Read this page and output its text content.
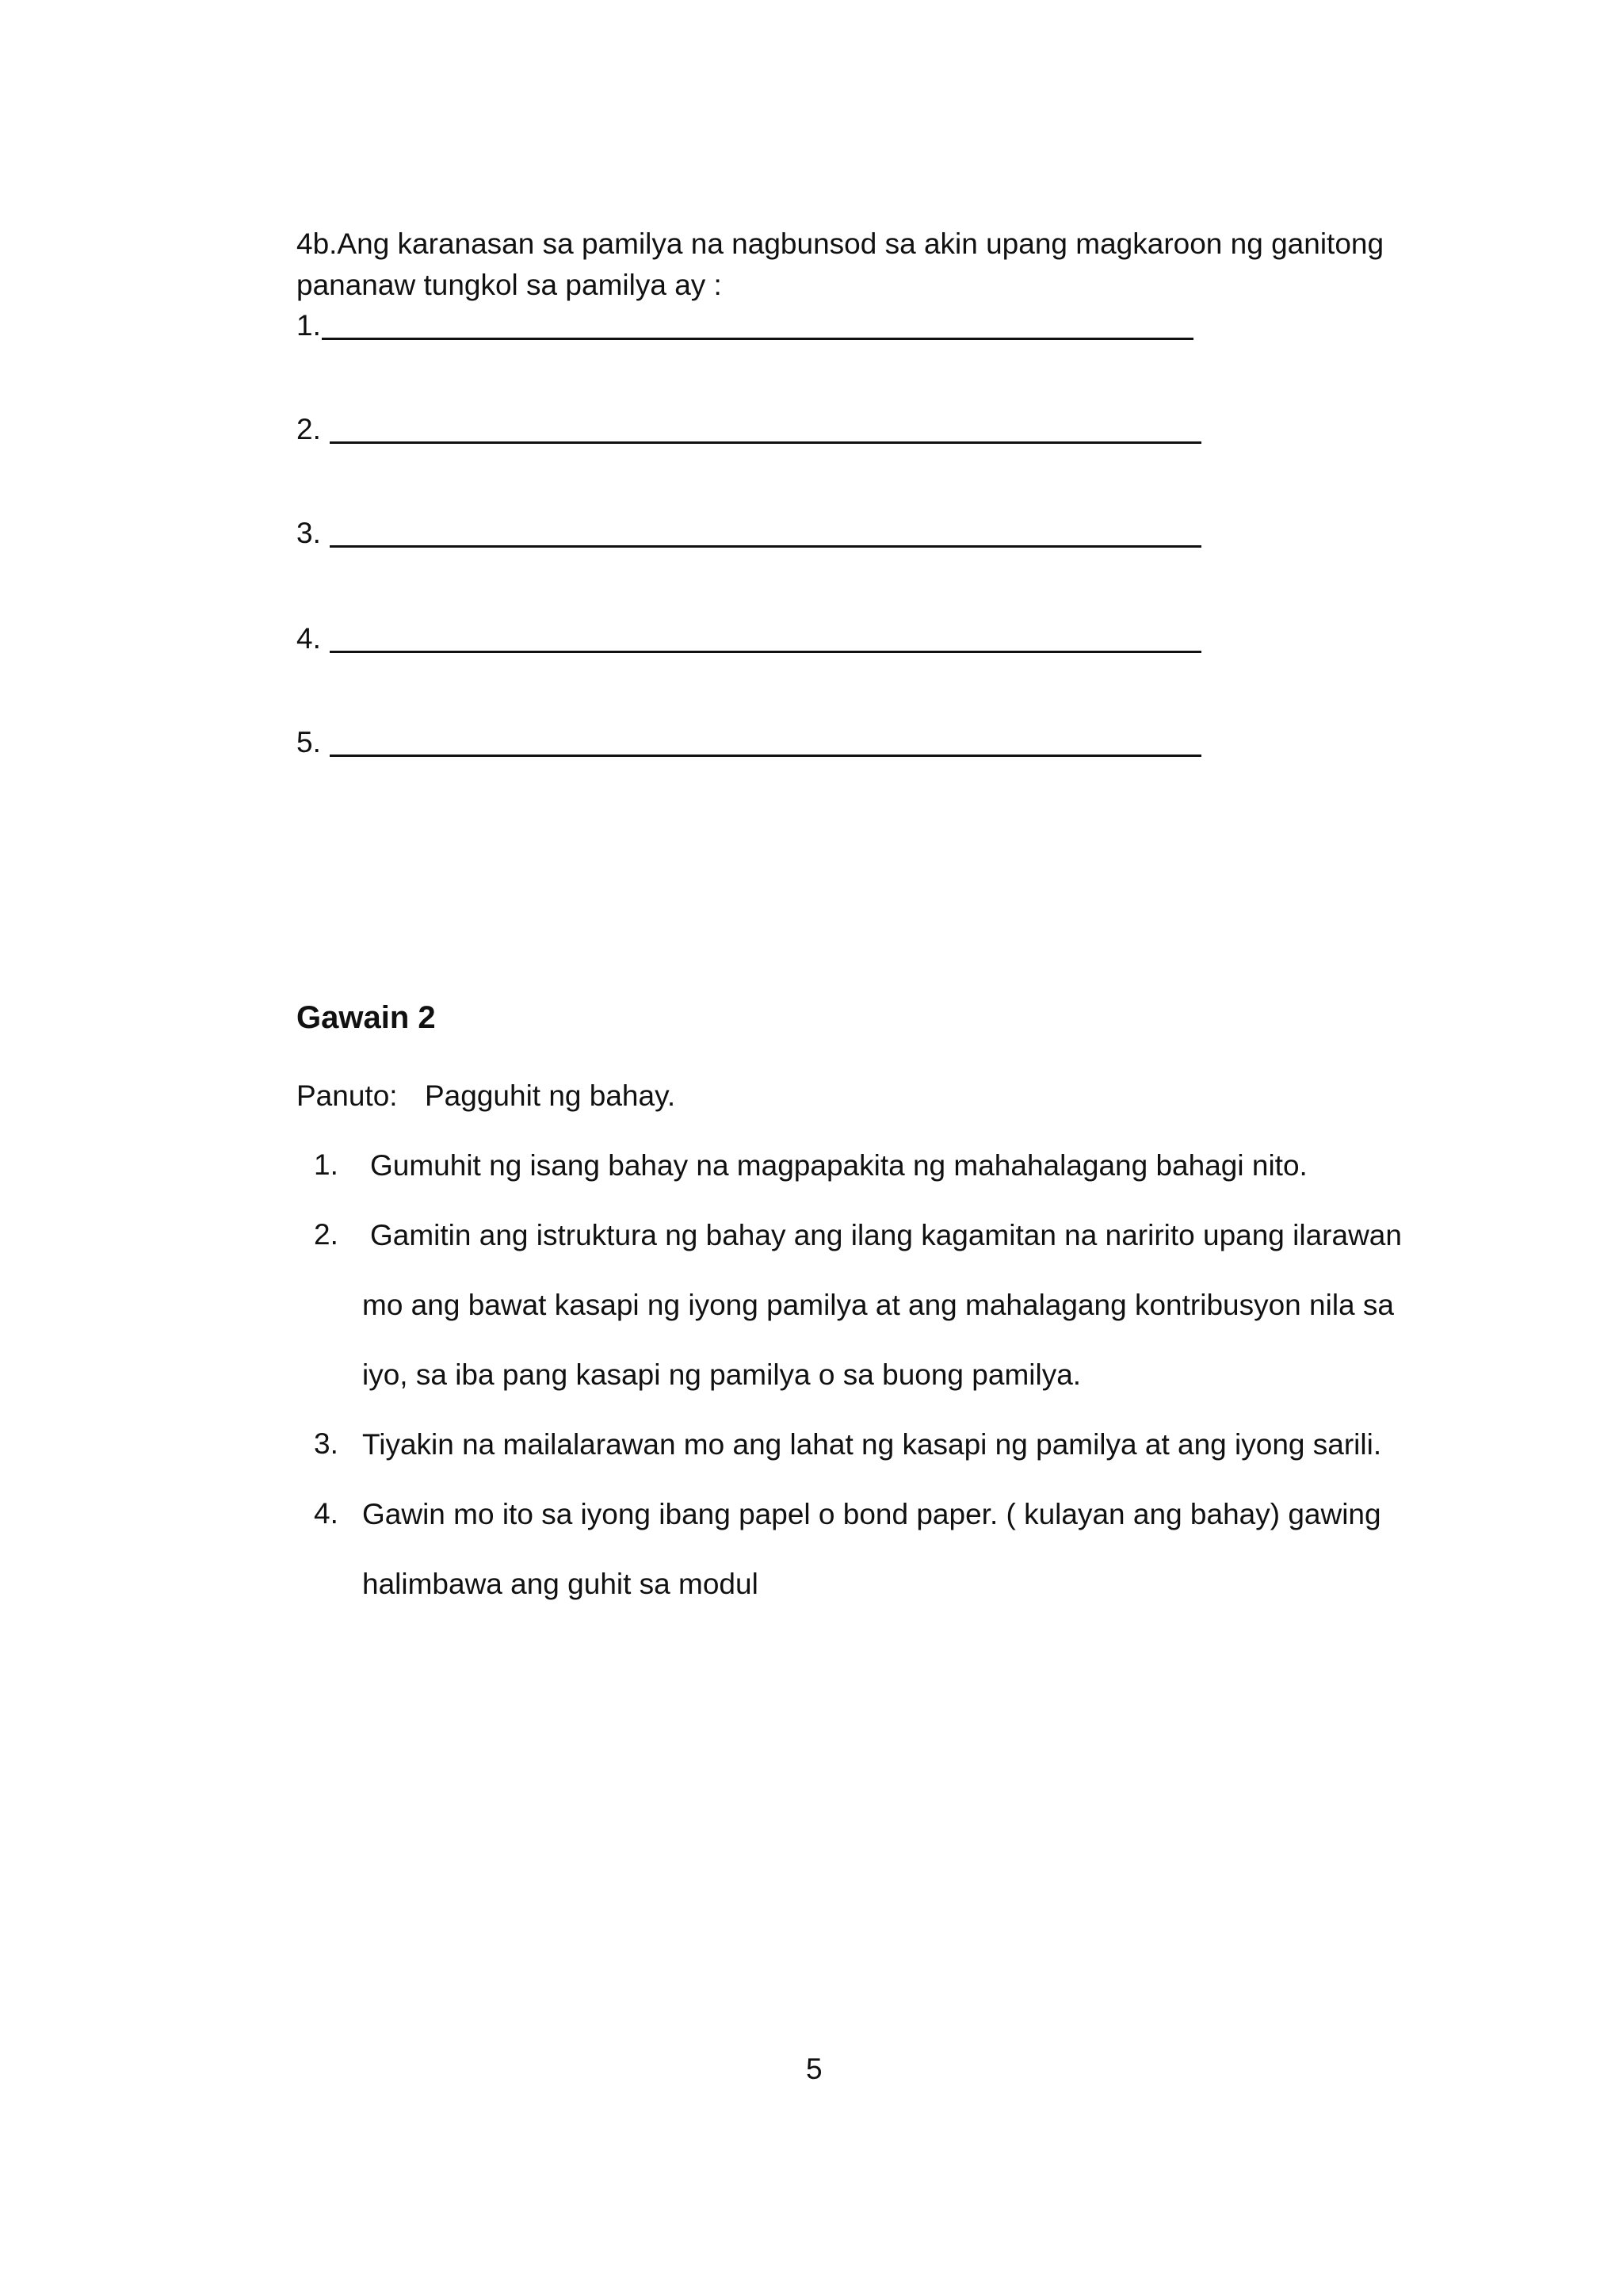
4b.Ang karanasan sa pamilya na nagbunsod sa akin upang magkaroon ng ganitong
pananaw tungkol sa pamilya ay :
1.
2.
3.
4.
5.
Gawain 2
Panuto: Pagguhit ng bahay.
1. Gumuhit ng isang bahay na magpapakita ng mahahalagang bahagi nito.
2. Gamitin ang istruktura ng bahay ang ilang kagamitan na naririto upang ilarawan
mo ang bawat kasapi ng iyong pamilya at ang mahalagang kontribusyon nila sa
iyo, sa iba pang kasapi ng pamilya o sa buong pamilya.
3. Tiyakin na mailalarawan mo ang lahat ng kasapi ng pamilya at ang iyong sarili.
4. Gawin mo ito sa iyong ibang papel o bond paper. ( kulayan ang bahay) gawing
halimbawa ang guhit sa modul
5
